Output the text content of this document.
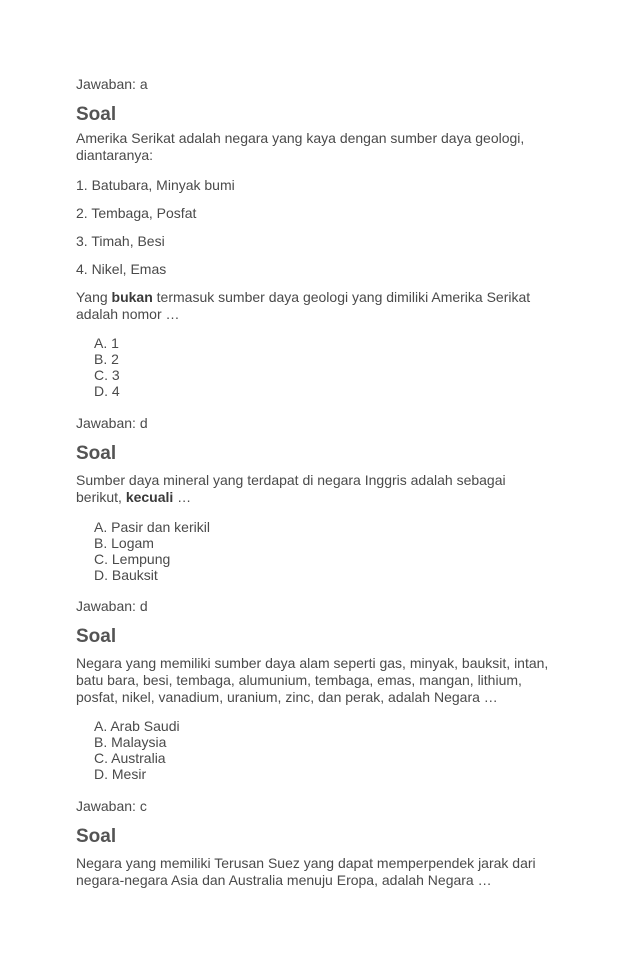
Jawaban: a

Soal

Amerika Serikat adalah negara yang kaya dengan sumber daya geologi, diantaranya:

1. Batubara, Minyak bumi

2. Tembaga, Posfat

3. Timah, Besi

4. Nikel, Emas

Yang bukan termasuk sumber daya geologi yang dimiliki Amerika Serikat adalah nomor …

A. 1
B. 2
C. 3
D. 4

Jawaban: d

Soal

Sumber daya mineral yang terdapat di negara Inggris adalah sebagai berikut, kecuali …

A. Pasir dan kerikil
B. Logam
C. Lempung
D. Bauksit

Jawaban: d

Soal

Negara yang memiliki sumber daya alam seperti gas, minyak, bauksit, intan, batu bara, besi, tembaga, alumunium, tembaga, emas, mangan, lithium, posfat, nikel, vanadium, uranium, zinc, dan perak, adalah Negara …

A. Arab Saudi
B. Malaysia
C. Australia
D. Mesir

Jawaban: c

Soal

Negara yang memiliki Terusan Suez yang dapat memperpendek jarak dari negara-negara Asia dan Australia menuju Eropa, adalah Negara …
